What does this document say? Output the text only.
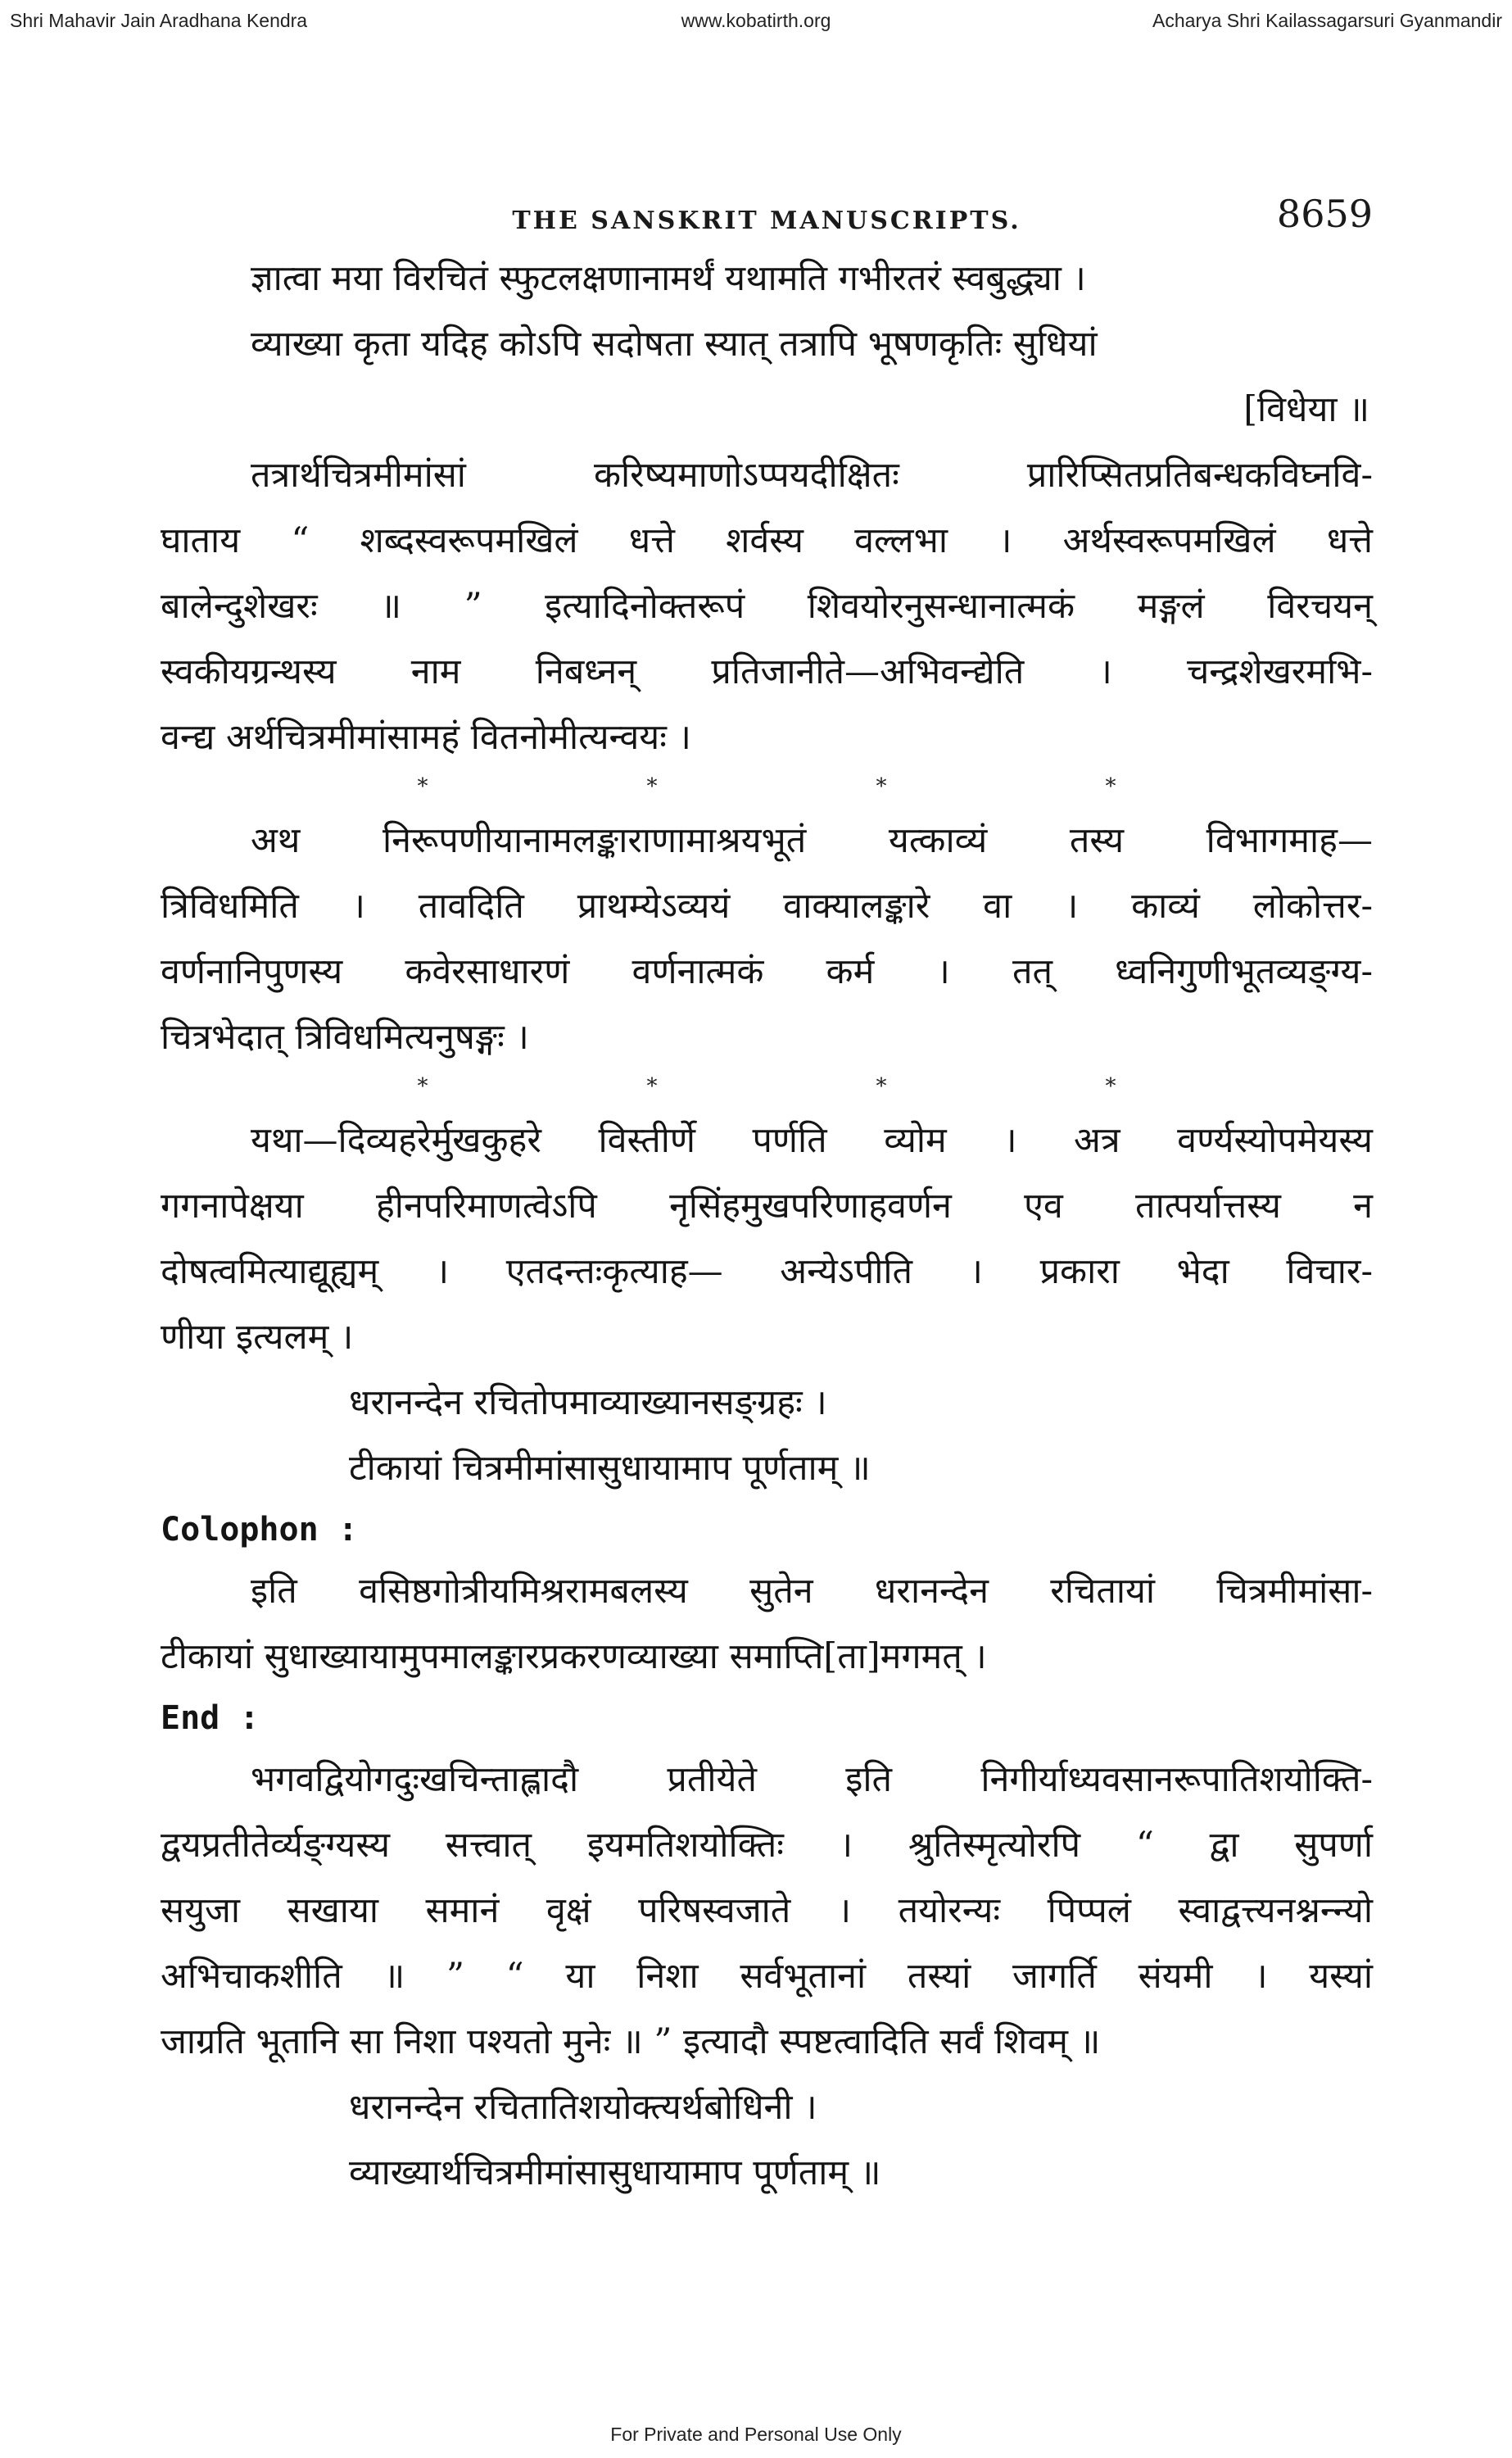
Shri Mahavir Jain Aradhana Kendra	www.kobatirth.org	Acharya Shri Kailassagarsuri Gyanmandir
THE SANSKRIT MANUSCRIPTS.	8659
ज्ञात्वा मया विरचितं स्फुटलक्षणानामर्थं यथामति गभीरतरं स्वबुद्ध्या ।
व्याख्या कृता यदिह कोऽपि सदोषता स्यात् तत्रापि भूषणकृतिः सुधियां
[विधेया ॥
तत्रार्थचित्रमीमांसां करिष्यमाणोऽप्पयदीक्षितः प्रारिप्सितप्रतिबन्धकविघ्नवि-
घाताय “ शब्दस्वरूपमखिलं धत्ते शर्वस्य वल्लभा । अर्थस्वरूपमखिलं धत्ते
बालेन्दुशेखरः ॥ ” इत्यादिनोक्तरूपं शिवयोरनुसन्धानात्मकं मङ्गलं विरचयन्
स्वकीयग्रन्थस्य नाम निबध्नन् प्रतिजानीते—अभिवन्द्येति । चन्द्रशेखरमभि-
वन्द्य अर्थचित्रमीमांसामहं वितनोमीत्यन्वयः ।
*	*	*	*
अथ निरूपणीयानामलङ्काराणामाश्रयभूतं यत्काव्यं तस्य विभागमाह—
त्रिविधमिति । तावदिति प्राथम्येऽव्ययं वाक्यालङ्कारे वा । काव्यं लोकोत्तर-
वर्णनानिपुणस्य कवेरसाधारणं वर्णनात्मकं कर्म । तत् ध्वनिगुणीभूतव्यङ्ग्य-
चित्रभेदात् त्रिविधमित्यनुषङ्गः ।
*	*	*	*
यथा—दिव्यहरेर्मुखकुहरे विस्तीर्णे पर्णति व्योम । अत्र वर्ण्यस्योपमेयस्य
गगनापेक्षया हीनपरिमाणत्वेऽपि नृसिंहमुखपरिणाहवर्णन एव तात्पर्यात्तस्य न
दोषत्वमित्याद्यूह्यम् । एतदन्तःकृत्याह— अन्येऽपीति । प्रकारा भेदा विचार-
णीया इत्यलम् ।
धरानन्देन रचितोपमाव्याख्यानसङ्ग्रहः ।
टीकायां चित्रमीमांसासुधायामाप पूर्णताम् ॥
Colophon :
इति वसिष्ठगोत्रीयमिश्ररामबलस्य सुतेन धरानन्देन रचितायां चित्रमीमांसा-
टीकायां सुधाख्यायामुपमालङ्कारप्रकरणव्याख्या समाप्ति[ता]मगमत् ।
End :
भगवद्वियोगदुःखचिन्ताह्लादौ प्रतीयेते इति निगीर्याध्यवसानरूपातिशयोक्ति-
द्वयप्रतीतेर्व्यङ्ग्यस्य सत्त्वात् इयमतिशयोक्तिः । श्रुतिस्मृत्योरपि “ द्वा सुपर्णा
सयुजा सखाया समानं वृक्षं परिषस्वजाते । तयोरन्यः पिप्पलं स्वाद्वत्त्यनश्नन्न्यो
अभिचाकशीति ॥ ” “ या निशा सर्वभूतानां तस्यां जागर्ति संयमी । यस्यां
जाग्रति भूतानि सा निशा पश्यतो मुनेः ॥ ” इत्यादौ स्पष्टत्वादिति सर्वं शिवम् ॥
धरानन्देन रचितातिशयोक्त्यर्थबोधिनी ।
व्याख्यार्थचित्रमीमांसासुधायामाप पूर्णताम् ॥
For Private and Personal Use Only
